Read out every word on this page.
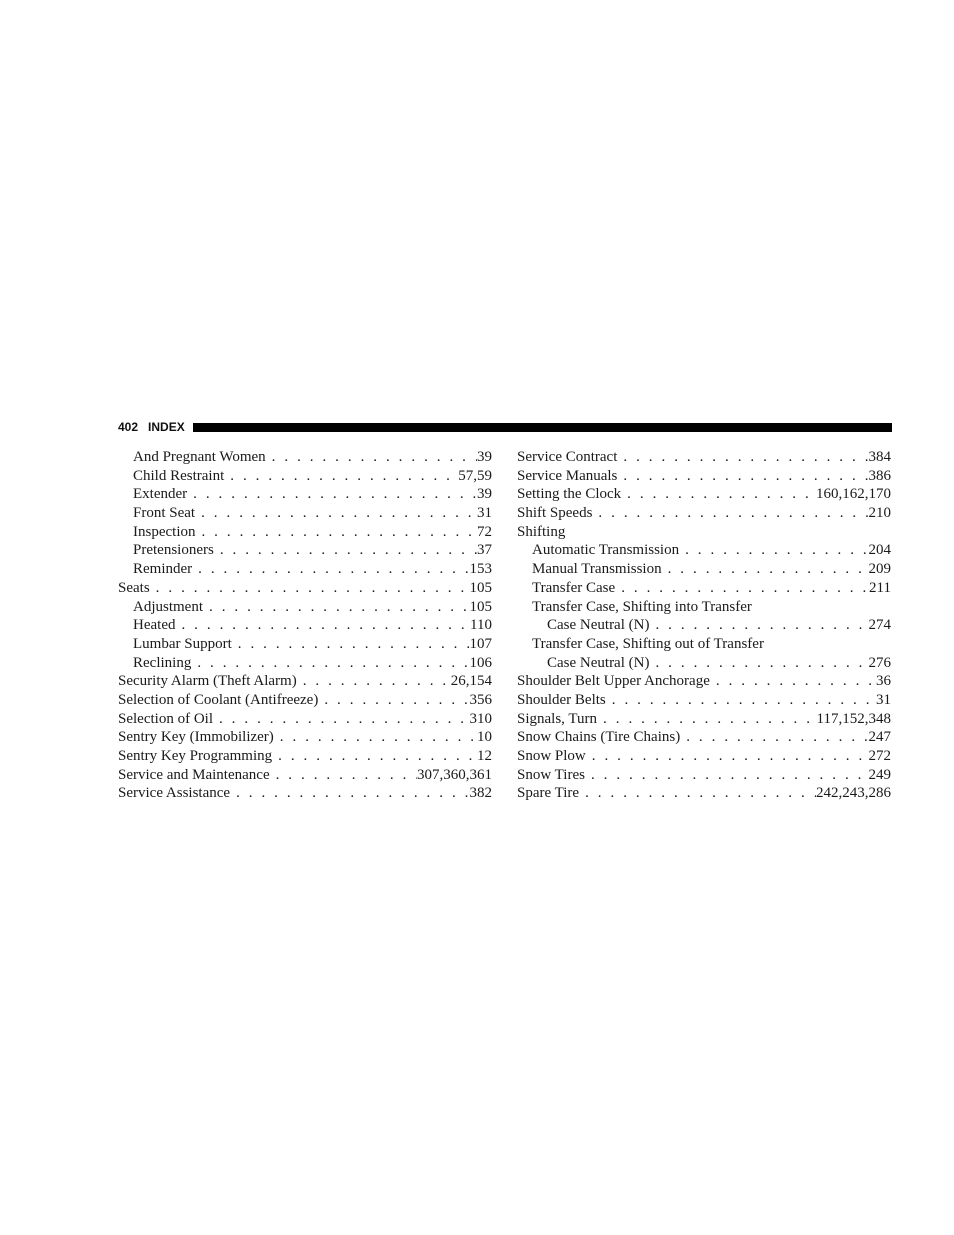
402 INDEX
And Pregnant Women . . .	39
Child Restraint . . .	57,59
Extender . . .	39
Front Seat . . .	31
Inspection . . .	72
Pretensioners . . .	37
Reminder . . .	153
Seats . . .	105
Adjustment . . .	105
Heated . . .	110
Lumbar Support . . .	107
Reclining . . .	106
Security Alarm (Theft Alarm) . . .	26,154
Selection of Coolant (Antifreeze) . . .	356
Selection of Oil . . .	310
Sentry Key (Immobilizer) . . .	10
Sentry Key Programming . . .	12
Service and Maintenance . . .	307,360,361
Service Assistance . . .	382
Service Contract . . .	384
Service Manuals . . .	386
Setting the Clock . . .	160,162,170
Shift Speeds . . .	210
Shifting
Automatic Transmission . . .	204
Manual Transmission . . .	209
Transfer Case . . .	211
Transfer Case, Shifting into Transfer
Case Neutral (N) . . .	274
Transfer Case, Shifting out of Transfer
Case Neutral (N) . . .	276
Shoulder Belt Upper Anchorage . . .	36
Shoulder Belts . . .	31
Signals, Turn . . .	117,152,348
Snow Chains (Tire Chains) . . .	247
Snow Plow . . .	272
Snow Tires . . .	249
Spare Tire . . .	242,243,286
